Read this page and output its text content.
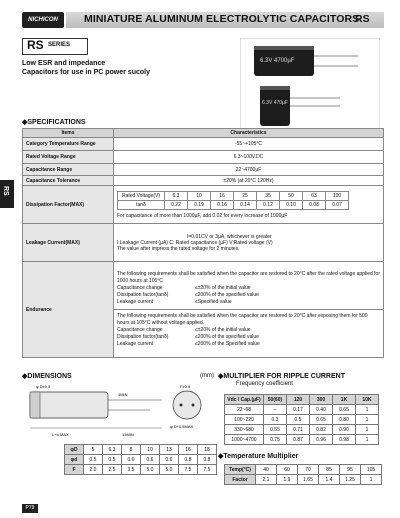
NICHICON	MINIATURE ALUMINUM ELECTROLYTIC CAPACITORS
RS
RS SERIES
Low ESR and impedance
Capacitors for use in PC power sucoly
RS
6.3V 4700µF
6.3V 470µF
◆SPECIFICATIONS
Items	Characteristics
Category Temperature Range	-55~+105°C
Rated Voltage Range	6.3~100V.DC
Capacitance Range	22~4700µF
Capacitance Tolerance	±20% (at 20°C 120Hz)
Dissipation Factor(MAX)	
Rated Voltage(V)	6.3	10	16	25	35	50	63	100
tanδ	0.22	0.19	0.16	0.14	0.12	0.10	0.08	0.07
For capacitance of more than 1000µF, add 0.02 for every increase of 1000µF

Leakage Current(MAX)	
I=0.01CV or 3µA, whichever is greater
I:Leakage Current (µA) C: Rated capacitance (µF) V:Rated voltage (V)
The value after impress the rated voltage for 2 minutes.

Endurance	
The following requirements shall be satisfied when the capacitor are restored to 20°C after the rated voltage applied for 1000 hours at 105°C
Capacitance change	≤±20% of the initial value
Dissipation factor(tanδ)	≤200% of the specified value
Leakage current	≤Specified value
The following requirements shall be satisfied when the capacitor are restored to 20°C after exposing them for 500 hours at 105°C without voltage applied.
Capacitance change	≤±20% of the initial value
Dissipation factor(tanδ)	≤200% of the specified value
Leakage current	≤200% of the Specified value
◆DIMENSIONS	(mm)
φ D±0.5
L+α MAX	15MIN
4MIN
φ D+0.5MAX
F±0.5
φD	5	6.3	8	10	13	16	18
φd	0.5	0.5	0.6	0.6	0.6	0.8	0.8
F	2.0	2.5	3.5	5.0	5.0	7.5	7.5
◆MULTIPLIER FOR RIPPLE CURRENT
Frequency coefficient
Vdc / Cap.(µF)	50(60)	120	300	1K	10K
22~68	--	0.17	0.40	0.65	1
100~220	0.3	0.5	0.65	0.80	1
330~680	0.55	0.71	0.82	0.90	1
1000~4700	0.75	0.87	0.96	0.98	1
◆Temperature Multiplier
Temp(°C)	40	60	70	85	95	105
Factor	2.1	1.9	1.65	1.4	1.25	1
P79
